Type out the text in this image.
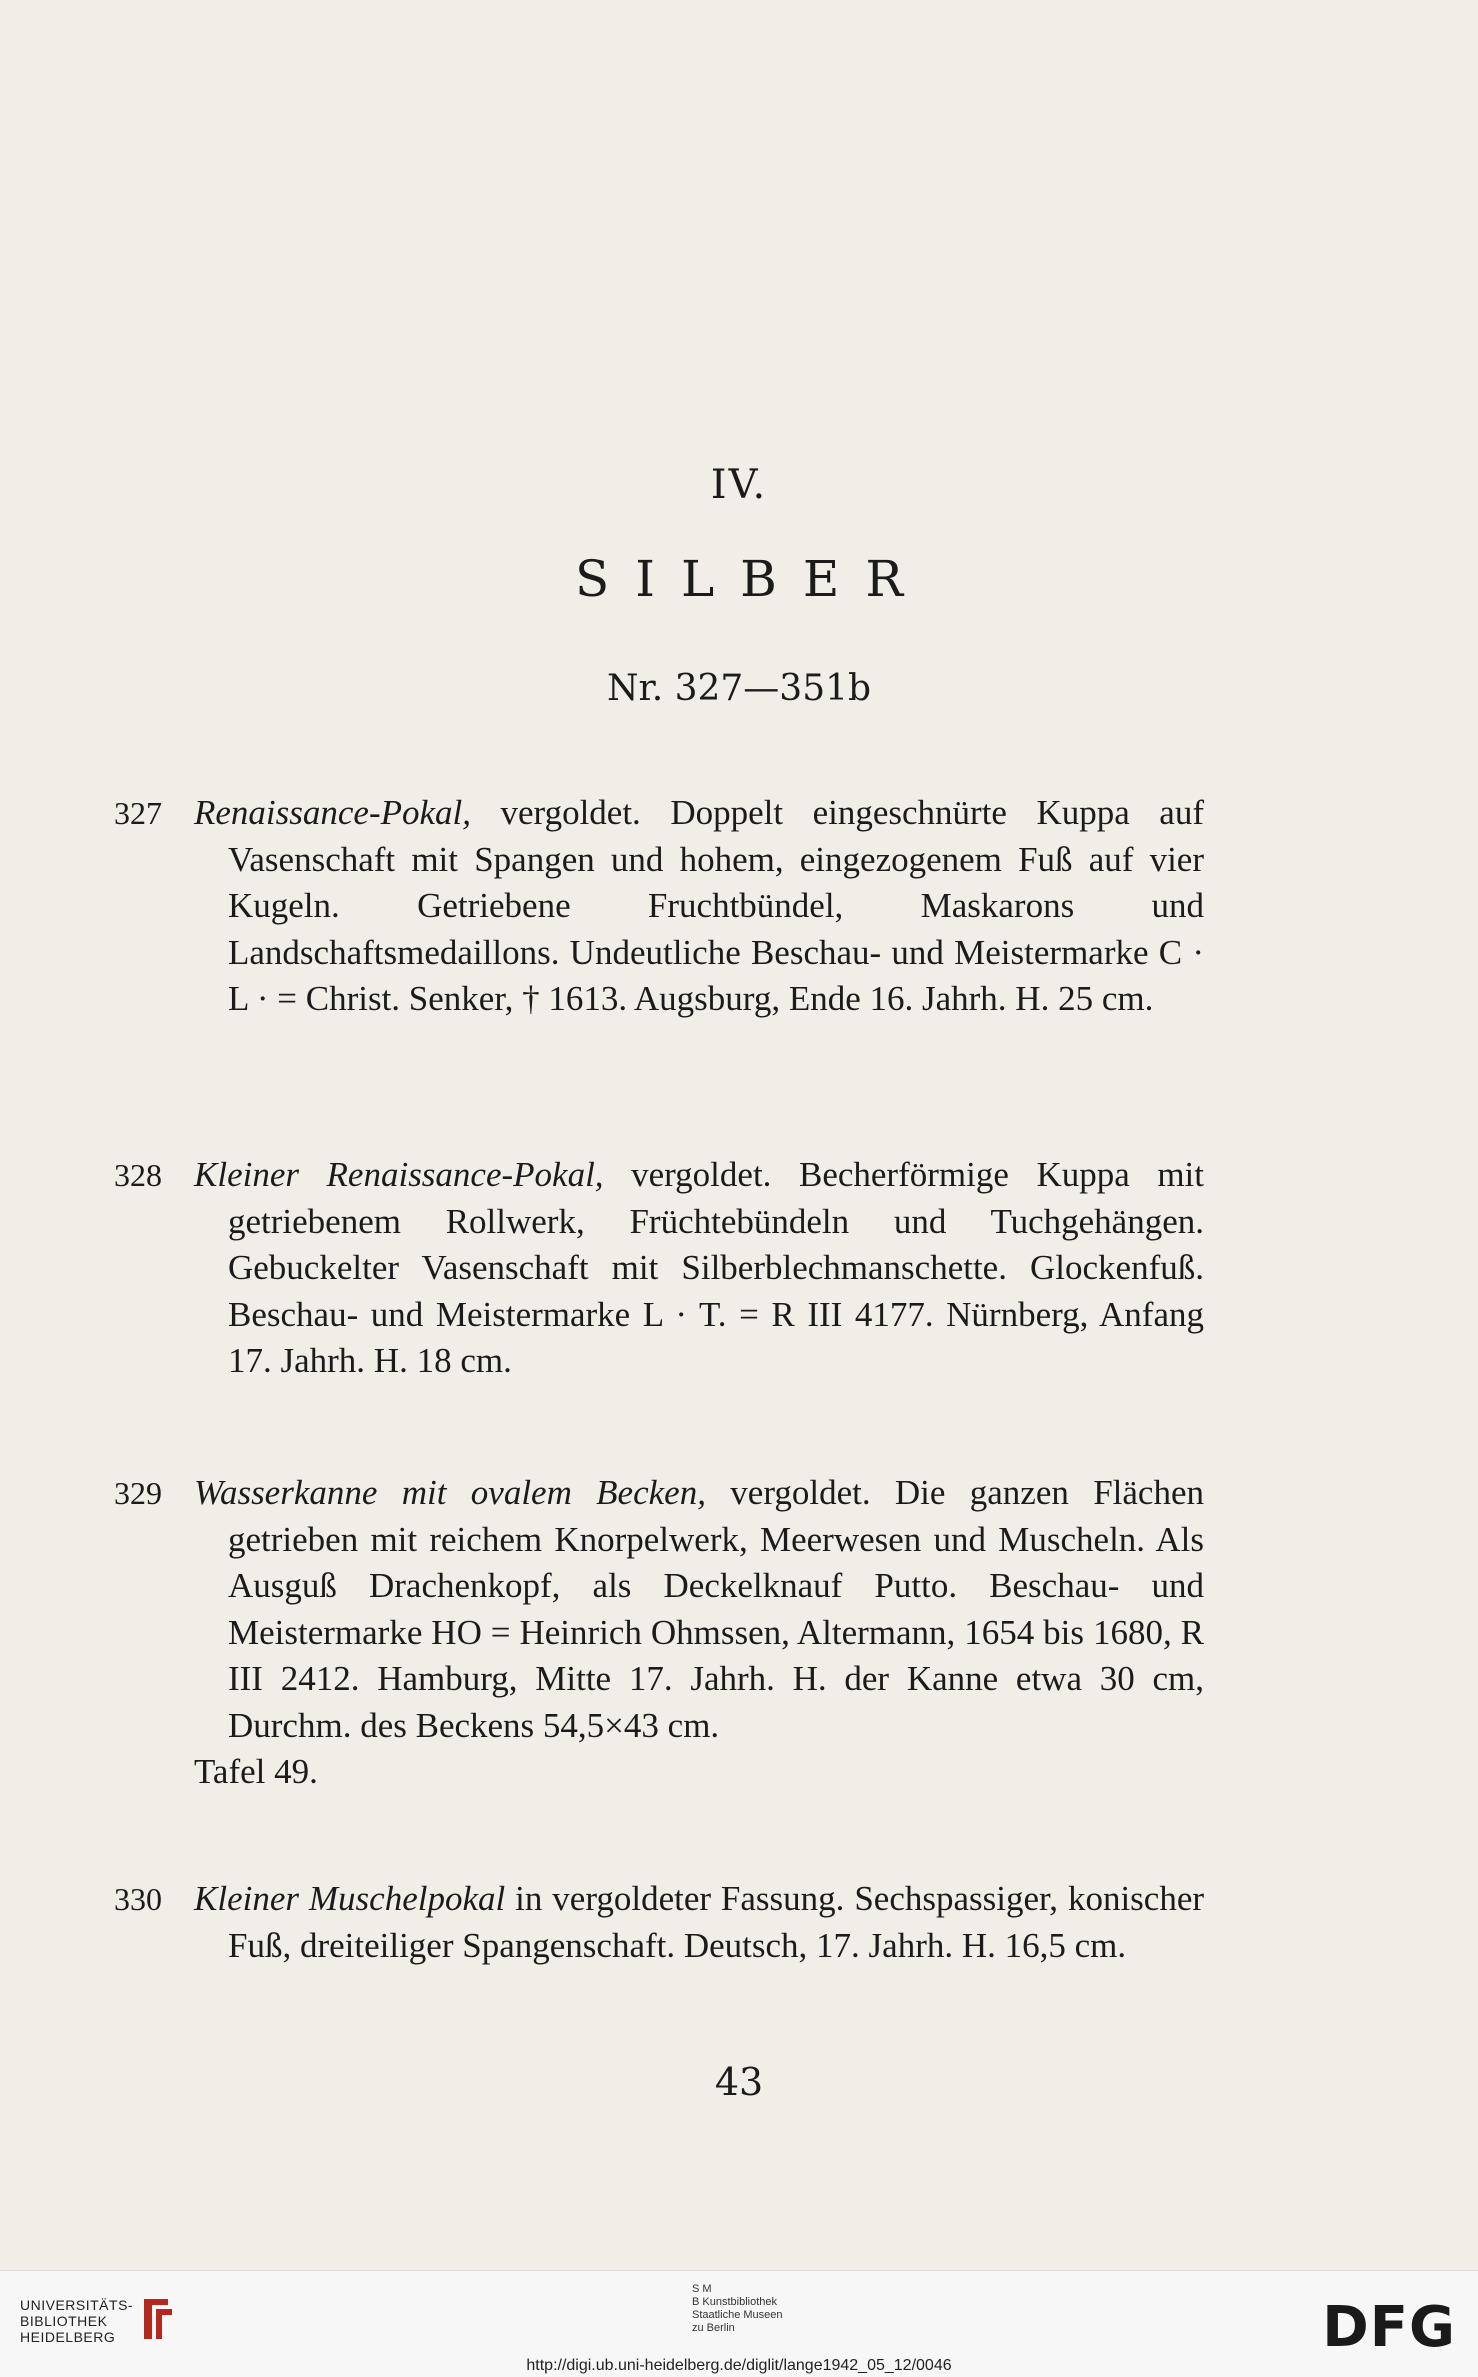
IV.
SILBER
Nr. 327—351b
327 Renaissance-Pokal, vergoldet. Doppelt eingeschnürte Kuppa auf Vasenschaft mit Spangen und hohem, eingezogenem Fuß auf vier Kugeln. Getriebene Fruchtbündel, Maskarons und Landschaftsmedaillons. Undeutliche Beschau- und Meistermarke C · L · = Christ. Senker, † 1613. Augsburg, Ende 16. Jahrh. H. 25 cm.
328 Kleiner Renaissance-Pokal, vergoldet. Becherförmige Kuppa mit getriebenem Rollwerk, Früchtebündeln und Tuchgehängen. Gebuckelter Vasenschaft mit Silberblechmanschette. Glockenfuß. Beschau- und Meistermarke L · T. = R III 4177. Nürnberg, Anfang 17. Jahrh. H. 18 cm.
329 Wasserkanne mit ovalem Becken, vergoldet. Die ganzen Flächen getrieben mit reichem Knorpelwerk, Meerwesen und Muscheln. Als Ausguß Drachenkopf, als Deckelknauf Putto. Beschau- und Meistermarke HO = Heinrich Ohmssen, Altermann, 1654 bis 1680, R III 2412. Hamburg, Mitte 17. Jahrh. H. der Kanne etwa 30 cm, Durchm. des Beckens 54,5×43 cm.
Tafel 49.
330 Kleiner Muschelpokal in vergoldeter Fassung. Sechspassiger, konischer Fuß, dreiteiliger Spangenschaft. Deutsch, 17. Jahrh. H. 16,5 cm.
43
UNIVERSITÄTS-
BIBLIOTHEK
HEIDELBERG
S M
B Kunstbibliothek
Staatliche Museen
zu Berlin	DFG
http://digi.ub.uni-heidelberg.de/diglit/lange1942_05_12/0046
